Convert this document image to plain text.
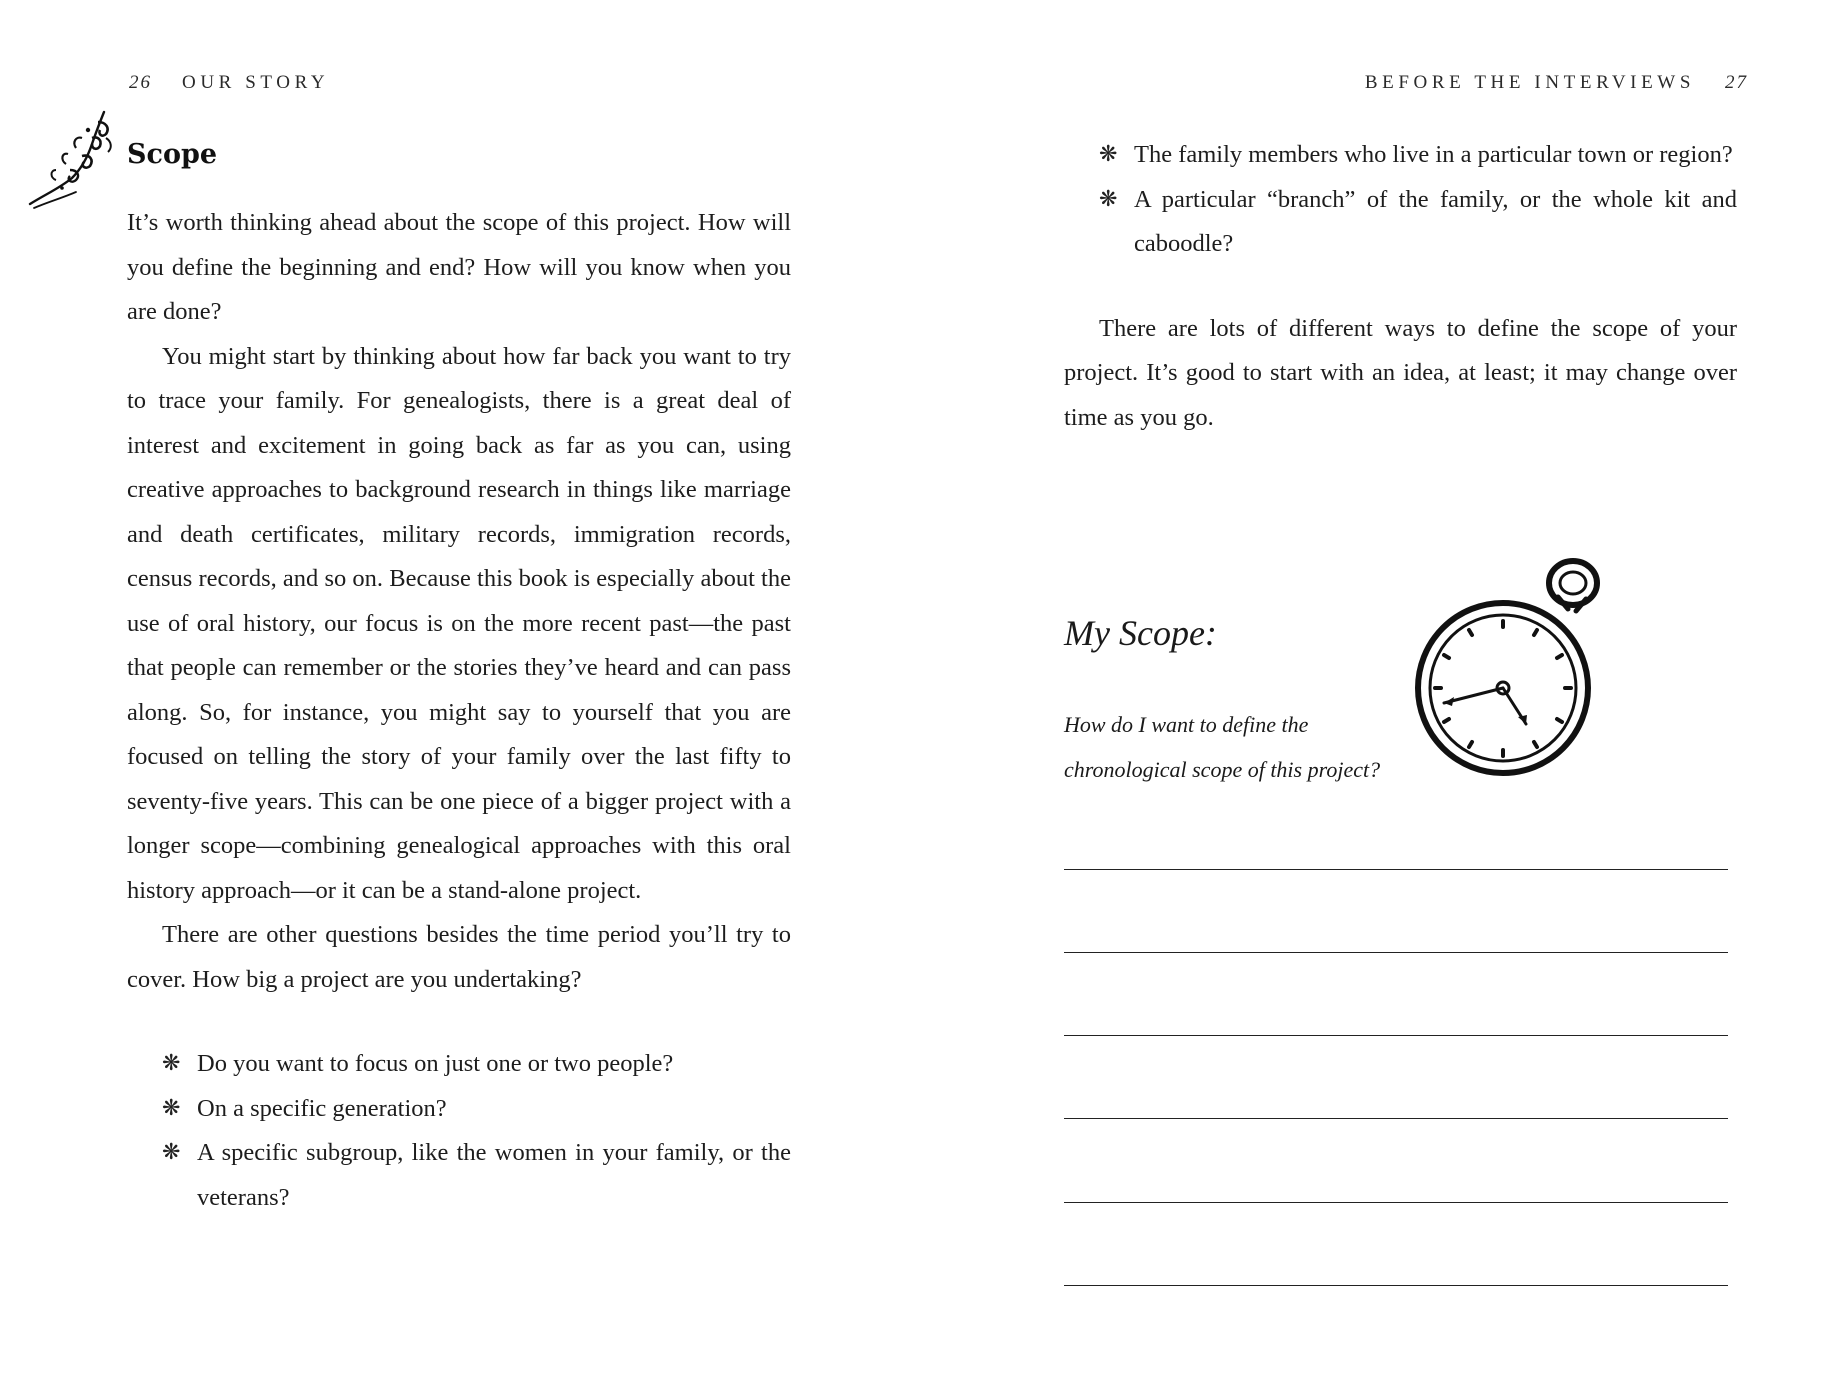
26 OUR STORY

Scope

It’s worth thinking ahead about the scope of this project. How will you define the beginning and end? How will you know when you are done?

You might start by thinking about how far back you want to try to trace your family. For genealogists, there is a great deal of interest and excitement in going back as far as you can, using creative approaches to background research in things like marriage and death certificates, military records, immigration records, census records, and so on. Because this book is especially about the use of oral history, our focus is on the more recent past—the past that people can remember or the stories they’ve heard and can pass along. So, for instance, you might say to yourself that you are focused on telling the story of your family over the last fifty to seventy-five years. This can be one piece of a bigger project with a longer scope—combining genealogical approaches with this oral history approach—or it can be a stand-alone project.

There are other questions besides the time period you’ll try to cover. How big a project are you undertaking?

❋ Do you want to focus on just one or two people?
❋ On a specific generation?
❋ A specific subgroup, like the women in your family, or the veterans?

BEFORE THE INTERVIEWS 27

❋ The family members who live in a particular town or region?
❋ A particular “branch” of the family, or the whole kit and caboodle?

There are lots of different ways to define the scope of your project. It’s good to start with an idea, at least; it may change over time as you go.

My Scope:
How do I want to define the
chronological scope of this project?
